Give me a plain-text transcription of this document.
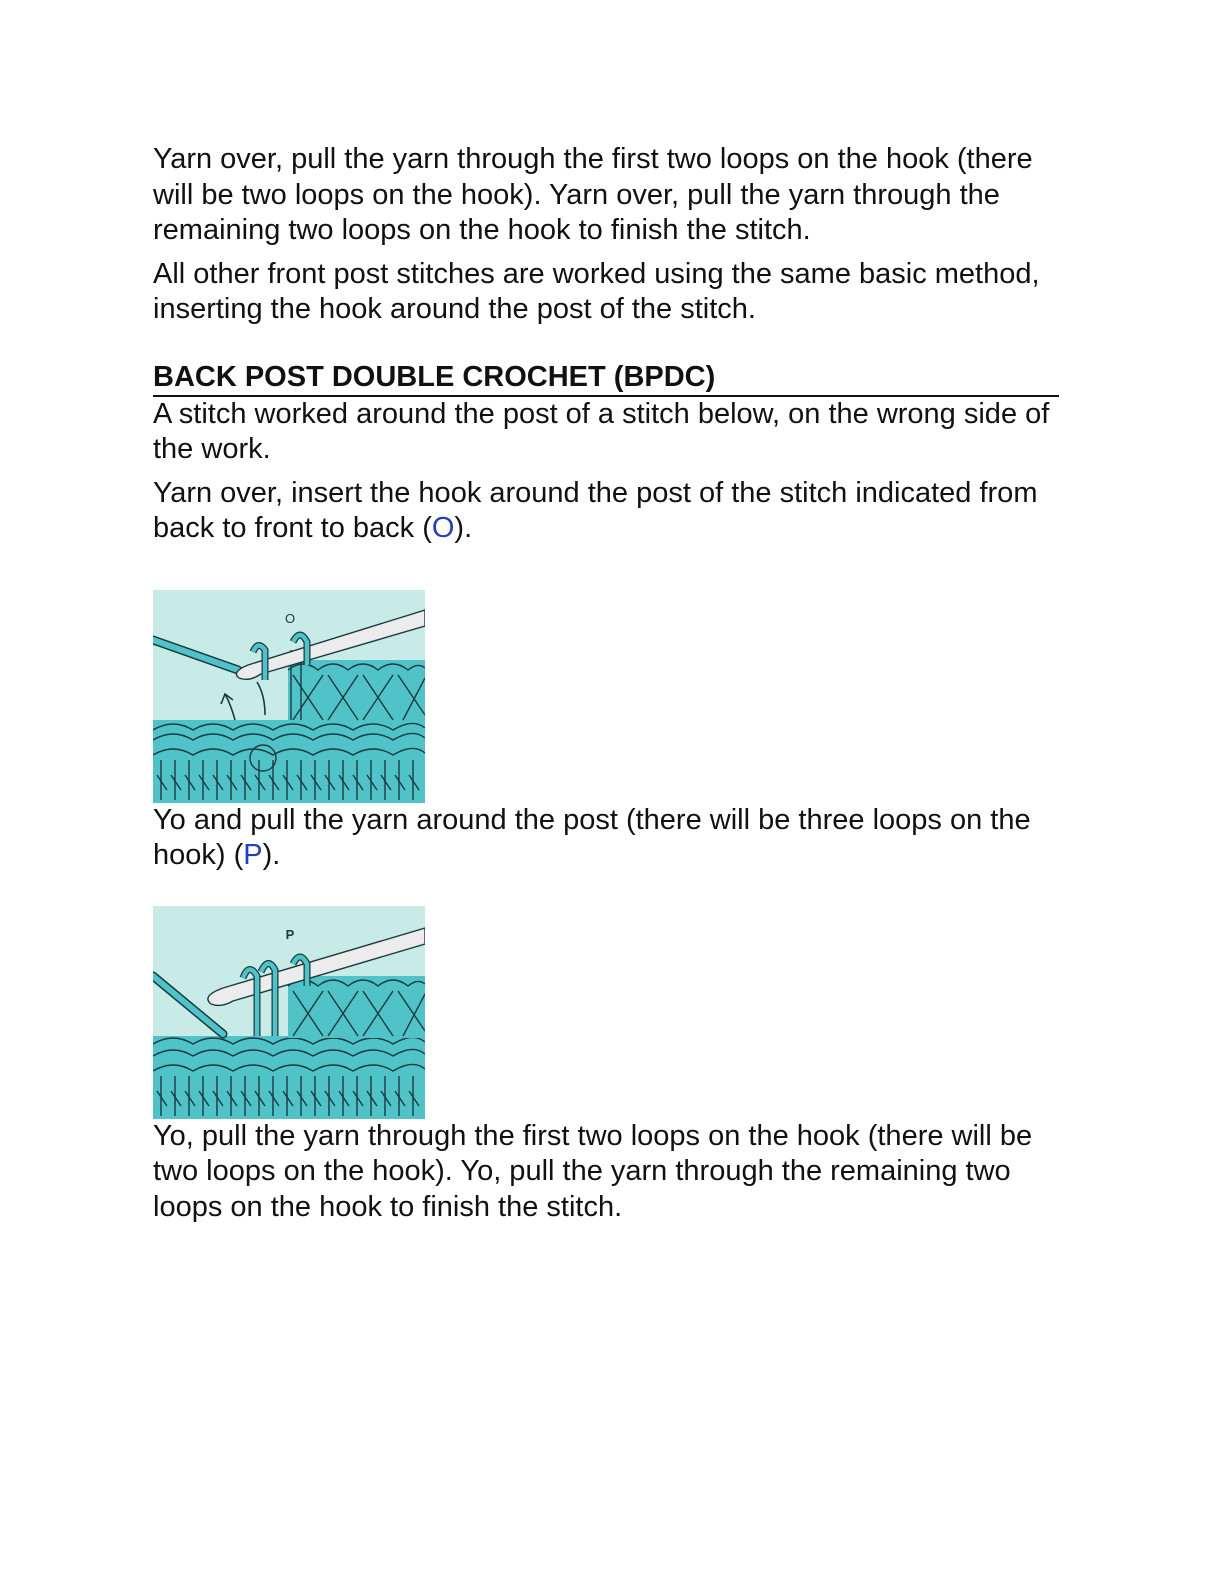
Yarn over, pull the yarn through the first two loops on the hook (there will be two loops on the hook). Yarn over, pull the yarn through the remaining two loops on the hook to finish the stitch.

All other front post stitches are worked using the same basic method, inserting the hook around the post of the stitch.

BACK POST DOUBLE CROCHET (BPDC)

A stitch worked around the post of a stitch below, on the wrong side of the work.

Yarn over, insert the hook around the post of the stitch indicated from back to front to back (O).

O

Yo and pull the yarn around the post (there will be three loops on the hook) (P).

P

Yo, pull the yarn through the first two loops on the hook (there will be two loops on the hook). Yo, pull the yarn through the remaining two loops on the hook to finish the stitch.
